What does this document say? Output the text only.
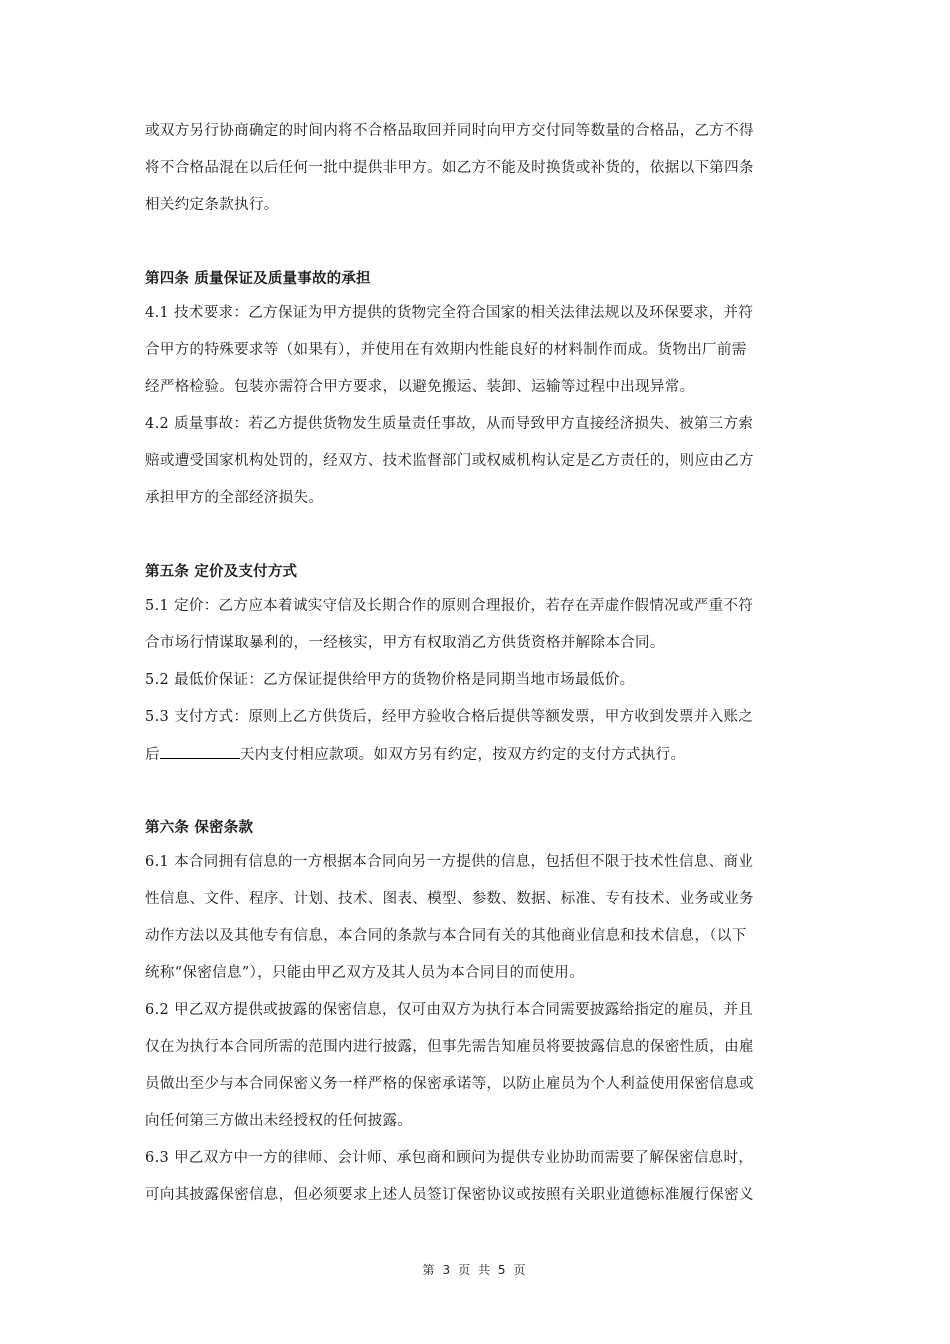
或双方另行协商确定的时间内将不合格品取回并同时向甲方交付同等数量的合格品，乙方不得
将不合格品混在以后任何一批中提供非甲方。如乙方不能及时换货或补货的，依据以下第四条
相关约定条款执行。
第四条 质量保证及质量事故的承担
4.1 技术要求：乙方保证为甲方提供的货物完全符合国家的相关法律法规以及环保要求，并符
合甲方的特殊要求等（如果有），并使用在有效期内性能良好的材料制作而成。货物出厂前需
经严格检验。包装亦需符合甲方要求，以避免搬运、装卸、运输等过程中出现异常。
4.2 质量事故：若乙方提供货物发生质量责任事故，从而导致甲方直接经济损失、被第三方索
赔或遭受国家机构处罚的，经双方、技术监督部门或权威机构认定是乙方责任的，则应由乙方
承担甲方的全部经济损失。
第五条 定价及支付方式
5.1 定价：乙方应本着诚实守信及长期合作的原则合理报价，若存在弄虚作假情况或严重不符
合市场行情谋取暴利的，一经核实，甲方有权取消乙方供货资格并解除本合同。
5.2 最低价保证：乙方保证提供给甲方的货物价格是同期当地市场最低价。
5.3 支付方式：原则上乙方供货后，经甲方验收合格后提供等额发票，甲方收到发票并入账之
后	天内支付相应款项。如双方另有约定，按双方约定的支付方式执行。
第六条 保密条款
6.1 本合同拥有信息的一方根据本合同向另一方提供的信息，包括但不限于技术性信息、商业
性信息、文件、程序、计划、技术、图表、模型、参数、数据、标准、专有技术、业务或业务
动作方法以及其他专有信息，本合同的条款与本合同有关的其他商业信息和技术信息，（以下
统称“保密信息”），只能由甲乙双方及其人员为本合同目的而使用。
6.2 甲乙双方提供或披露的保密信息，仅可由双方为执行本合同需要披露给指定的雇员，并且
仅在为执行本合同所需的范围内进行披露，但事先需告知雇员将要披露信息的保密性质，由雇
员做出至少与本合同保密义务一样严格的保密承诺等，以防止雇员为个人利益使用保密信息或
向任何第三方做出未经授权的任何披露。
6.3 甲乙双方中一方的律师、会计师、承包商和顾问为提供专业协助而需要了解保密信息时，
可向其披露保密信息，但必须要求上述人员签订保密协议或按照有关职业道德标准履行保密义
第 3 页 共 5 页
